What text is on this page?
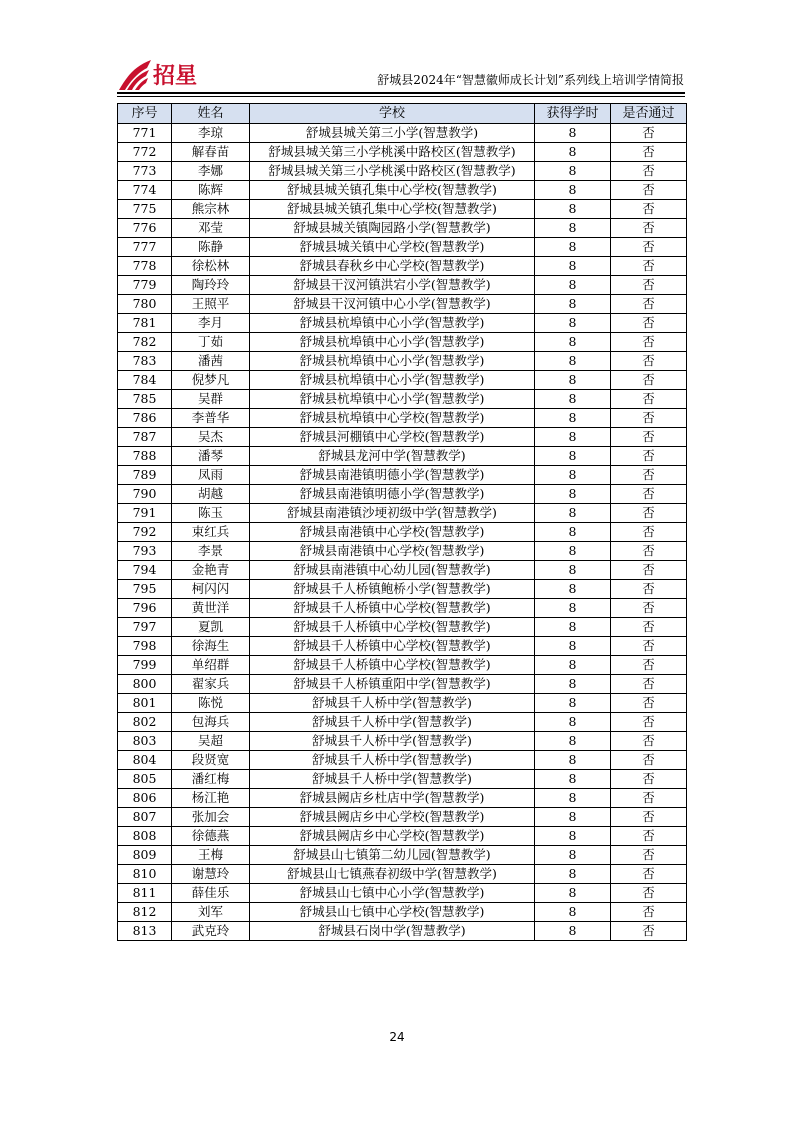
招星	舒城县2024年“智慧徽师成长计划”系列线上培训学情简报
序号	姓名	学校	获得学时	是否通过
771	李琼	舒城县城关第三小学(智慧教学)	8	否
772	解春苗	舒城县城关第三小学桃溪中路校区(智慧教学)	8	否
773	李娜	舒城县城关第三小学桃溪中路校区(智慧教学)	8	否
774	陈辉	舒城县城关镇孔集中心学校(智慧教学)	8	否
775	熊宗林	舒城县城关镇孔集中心学校(智慧教学)	8	否
776	邓莹	舒城县城关镇陶园路小学(智慧教学)	8	否
777	陈静	舒城县城关镇中心学校(智慧教学)	8	否
778	徐松林	舒城县春秋乡中心学校(智慧教学)	8	否
779	陶玲玲	舒城县干汊河镇洪宕小学(智慧教学)	8	否
780	王照平	舒城县干汊河镇中心小学(智慧教学)	8	否
781	李月	舒城县杭埠镇中心小学(智慧教学)	8	否
782	丁茹	舒城县杭埠镇中心小学(智慧教学)	8	否
783	潘茜	舒城县杭埠镇中心小学(智慧教学)	8	否
784	倪梦凡	舒城县杭埠镇中心小学(智慧教学)	8	否
785	吴群	舒城县杭埠镇中心小学(智慧教学)	8	否
786	李普华	舒城县杭埠镇中心学校(智慧教学)	8	否
787	吴杰	舒城县河棚镇中心学校(智慧教学)	8	否
788	潘琴	舒城县龙河中学(智慧教学)	8	否
789	凤雨	舒城县南港镇明德小学(智慧教学)	8	否
790	胡越	舒城县南港镇明德小学(智慧教学)	8	否
791	陈玉	舒城县南港镇沙埂初级中学(智慧教学)	8	否
792	束红兵	舒城县南港镇中心学校(智慧教学)	8	否
793	李景	舒城县南港镇中心学校(智慧教学)	8	否
794	金艳青	舒城县南港镇中心幼儿园(智慧教学)	8	否
795	柯闪闪	舒城县千人桥镇鲍桥小学(智慧教学)	8	否
796	黄世洋	舒城县千人桥镇中心学校(智慧教学)	8	否
797	夏凯	舒城县千人桥镇中心学校(智慧教学)	8	否
798	徐海生	舒城县千人桥镇中心学校(智慧教学)	8	否
799	单绍群	舒城县千人桥镇中心学校(智慧教学)	8	否
800	翟家兵	舒城县千人桥镇重阳中学(智慧教学)	8	否
801	陈悦	舒城县千人桥中学(智慧教学)	8	否
802	包海兵	舒城县千人桥中学(智慧教学)	8	否
803	吴超	舒城县千人桥中学(智慧教学)	8	否
804	段贤宽	舒城县千人桥中学(智慧教学)	8	否
805	潘红梅	舒城县千人桥中学(智慧教学)	8	否
806	杨江艳	舒城县阙店乡杜店中学(智慧教学)	8	否
807	张加会	舒城县阙店乡中心学校(智慧教学)	8	否
808	徐德燕	舒城县阙店乡中心学校(智慧教学)	8	否
809	王梅	舒城县山七镇第二幼儿园(智慧教学)	8	否
810	谢慧玲	舒城县山七镇燕春初级中学(智慧教学)	8	否
811	薛佳乐	舒城县山七镇中心小学(智慧教学)	8	否
812	刘军	舒城县山七镇中心学校(智慧教学)	8	否
813	武克玲	舒城县石岗中学(智慧教学)	8	否
24
